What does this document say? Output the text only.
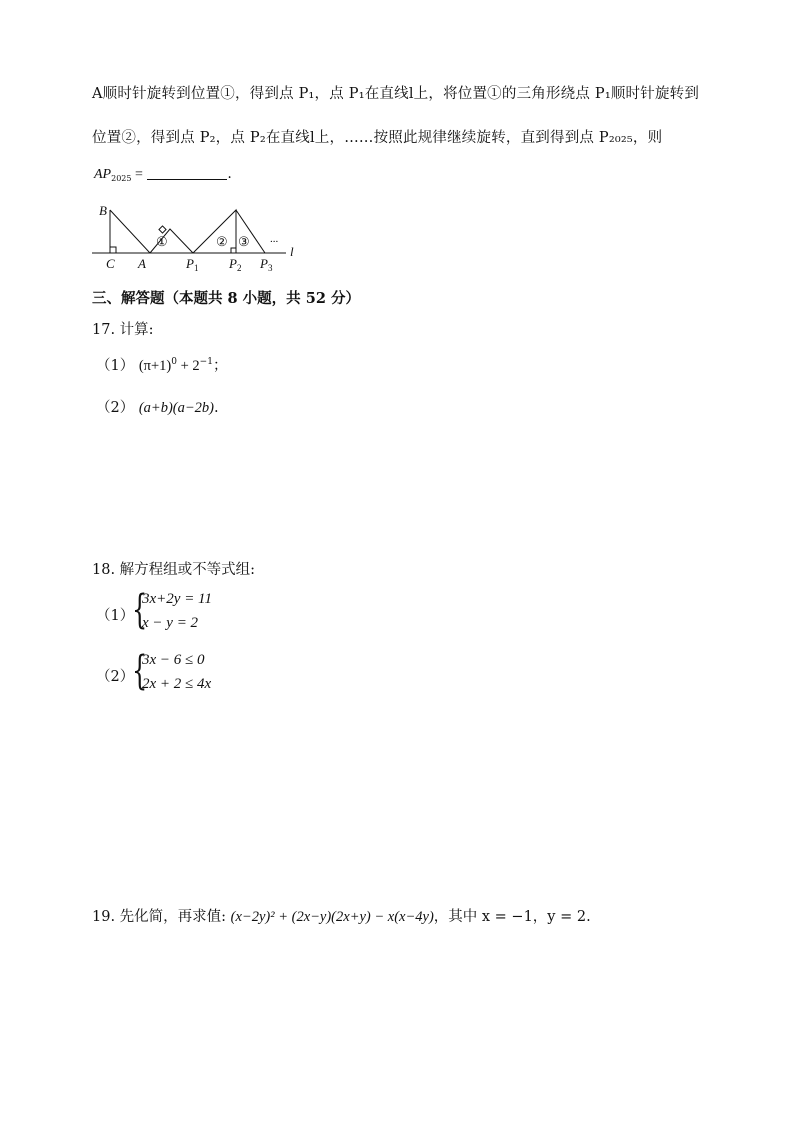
A顺时针旋转到位置①，得到点 P₁，点 P₁在直线l上，将位置①的三角形绕点 P₁顺时针旋转到
位置②，得到点 P₂，点 P₂在直线l上，……按照此规律继续旋转，直到得到点 P₂₀₂₅，则
$AP_{2025}$ =	.
B
C A	$P_1$ $P_2$ $P_3$
l
①	② ③ ...
三、解答题（本题共 8 小题，共 52 分）
17. 计算:
（1） $(\pi+1)^0 + 2^{-1}$；
（2） (a+b)(a−2b).
18. 解方程组或不等式组:
（1）
{
3x+2y = 11
x − y = 2
（2）
{
3x − 6 ≤ 0
2x + 2 ≤ 4x
19. 先化简，再求值: (x−2y)² + (2x−y)(2x+y) − x(x−4y)，其中 x = −1，y = 2.
